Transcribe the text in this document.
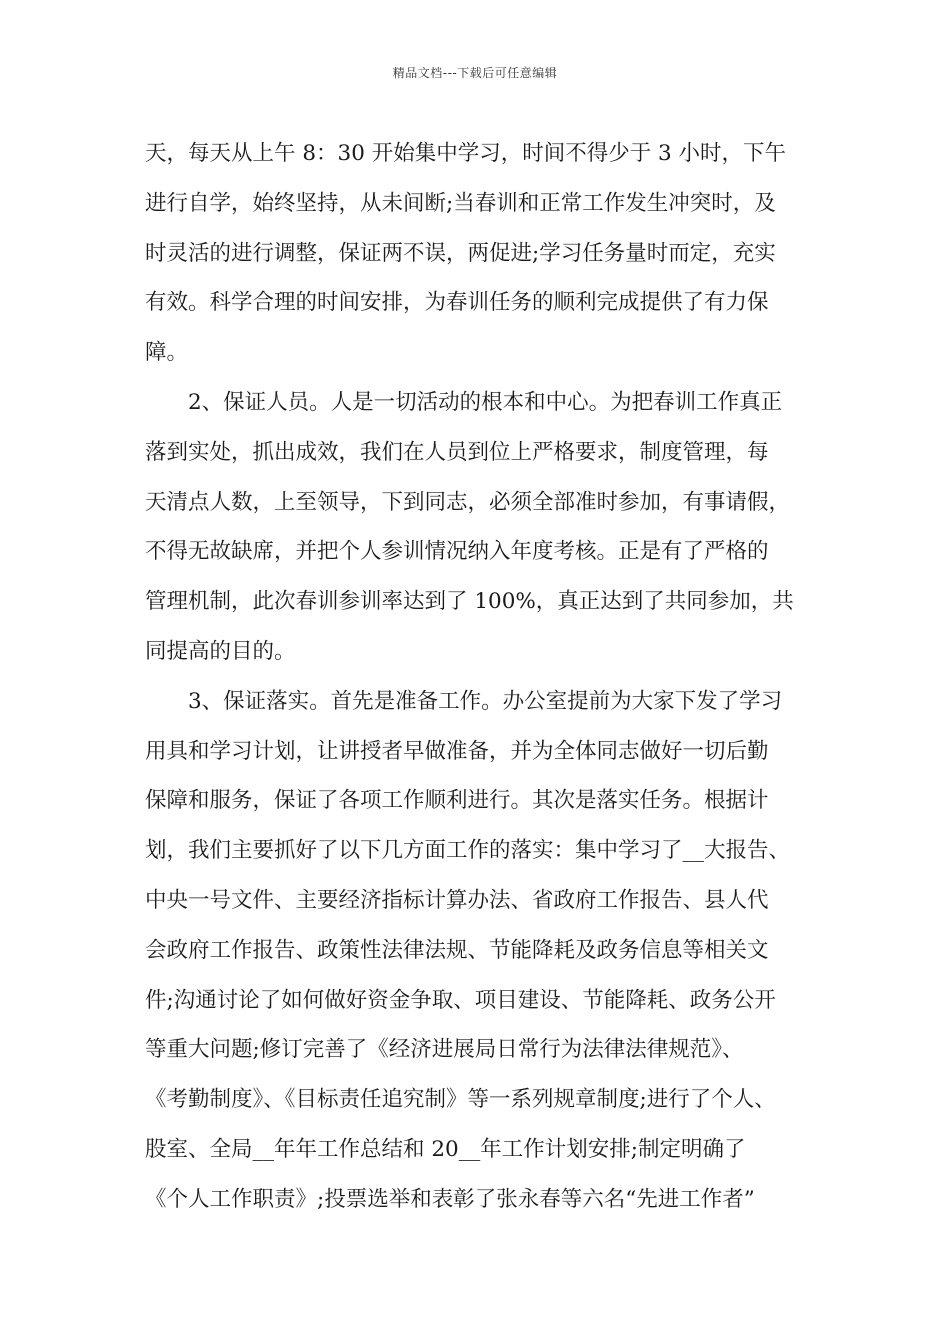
精品文档---下载后可任意编辑
天，每天从上午 8：30 开始集中学习，时间不得少于 3 小时，下午
进行自学，始终坚持，从未间断;当春训和正常工作发生冲突时，及
时灵活的进行调整，保证两不误，两促进;学习任务量时而定，充实
有效。科学合理的时间安排，为春训任务的顺利完成提供了有力保
障。
2、保证人员。人是一切活动的根本和中心。为把春训工作真正
落到实处，抓出成效，我们在人员到位上严格要求，制度管理，每
天清点人数，上至领导，下到同志，必须全部准时参加，有事请假，
不得无故缺席，并把个人参训情况纳入年度考核。正是有了严格的
管理机制，此次春训参训率达到了 100%，真正达到了共同参加，共
同提高的目的。
3、保证落实。首先是准备工作。办公室提前为大家下发了学习
用具和学习计划，让讲授者早做准备，并为全体同志做好一切后勤
保障和服务，保证了各项工作顺利进行。其次是落实任务。根据计
划，我们主要抓好了以下几方面工作的落实：集中学习了__大报告、
中央一号文件、主要经济指标计算办法、省政府工作报告、县人代
会政府工作报告、政策性法律法规、节能降耗及政务信息等相关文
件;沟通讨论了如何做好资金争取、项目建设、节能降耗、政务公开
等重大问题;修订完善了《经济进展局日常行为法律法律规范》、
《考勤制度》、《目标责任追究制》等一系列规章制度;进行了个人、
股室、全局__年年工作总结和 20__年工作计划安排;制定明确了
《个人工作职责》;投票选举和表彰了张永春等六名“先进工作者”
